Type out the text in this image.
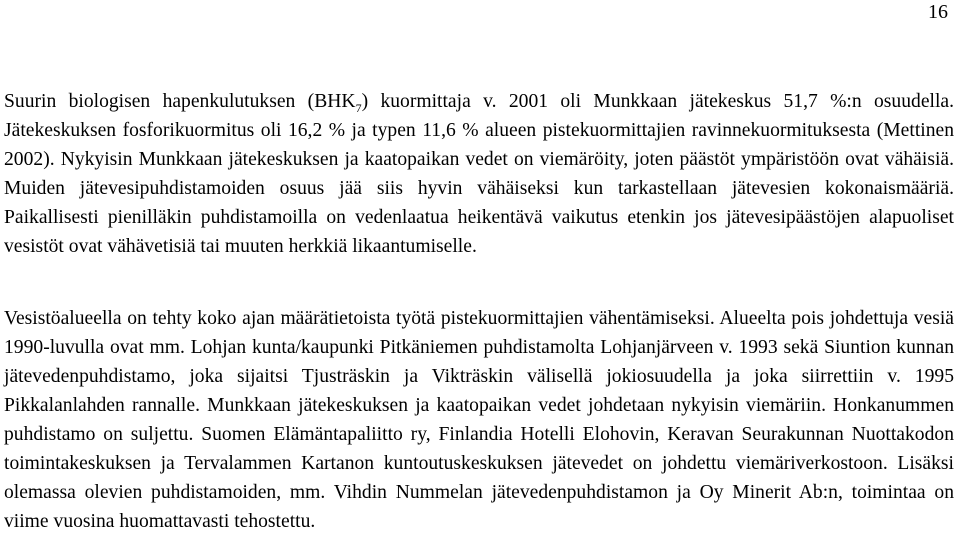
16

Suurin biologisen hapenkulutuksen $(BHK_7)$ kuormittaja v. 2001 oli Munkkaan jätekeskus 51,7 %:n osuudella. Jätekeskuksen fosforikuormitus oli 16,2 % ja typen 11,6 % alueen pistekuormittajien ravinnekuormituksesta (Mettinen 2002). Nykyisin Munkkaan jätekeskuksen ja kaatopaikan vedet on viemäröity, joten päästöt ympäristöön ovat vähäisiä. Muiden jätevesipuhdistamoiden osuus jää siis hyvin vähäiseksi kun tarkastellaan jätevesien kokonaismääriä. Paikallisesti pienilläkin puhdistamoilla on vedenlaatua heikentävä vaikutus etenkin jos jätevesipäästöjen alapuoliset vesistöt ovat vähävetisiä tai muuten herkkiä likaantumiselle.

Vesistöalueella on tehty koko ajan määrätietoista työtä pistekuormittajien vähentämiseksi. Alueelta pois johdettuja vesiä 1990-luvulla ovat mm. Lohjan kunta/kaupunki Pitkäniemen puhdistamolta Lohjanjärveen v. 1993 sekä Siuntion kunnan jätevedenpuhdistamo, joka sijaitsi Tjusträskin ja Vikträskin välisellä jokiosuudella ja joka siirrettiin v. 1995 Pikkalanlahden rannalle. Munkkaan jätekeskuksen ja kaatopaikan vedet johdetaan nykyisin viemäriin. Honkanummen puhdistamo on suljettu. Suomen Elämäntapaliitto ry, Finlandia Hotelli Elohovin, Keravan Seurakunnan Nuottakodon toimintakeskuksen ja Tervalammen Kartanon kuntoutuskeskuksen jätevedet on johdettu viemäriverkostoon. Lisäksi olemassa olevien puhdistamoiden, mm. Vihdin Nummelan jätevedenpuhdistamon ja Oy Minerit Ab:n, toimintaa on viime vuosina huomattavasti tehostettu.
